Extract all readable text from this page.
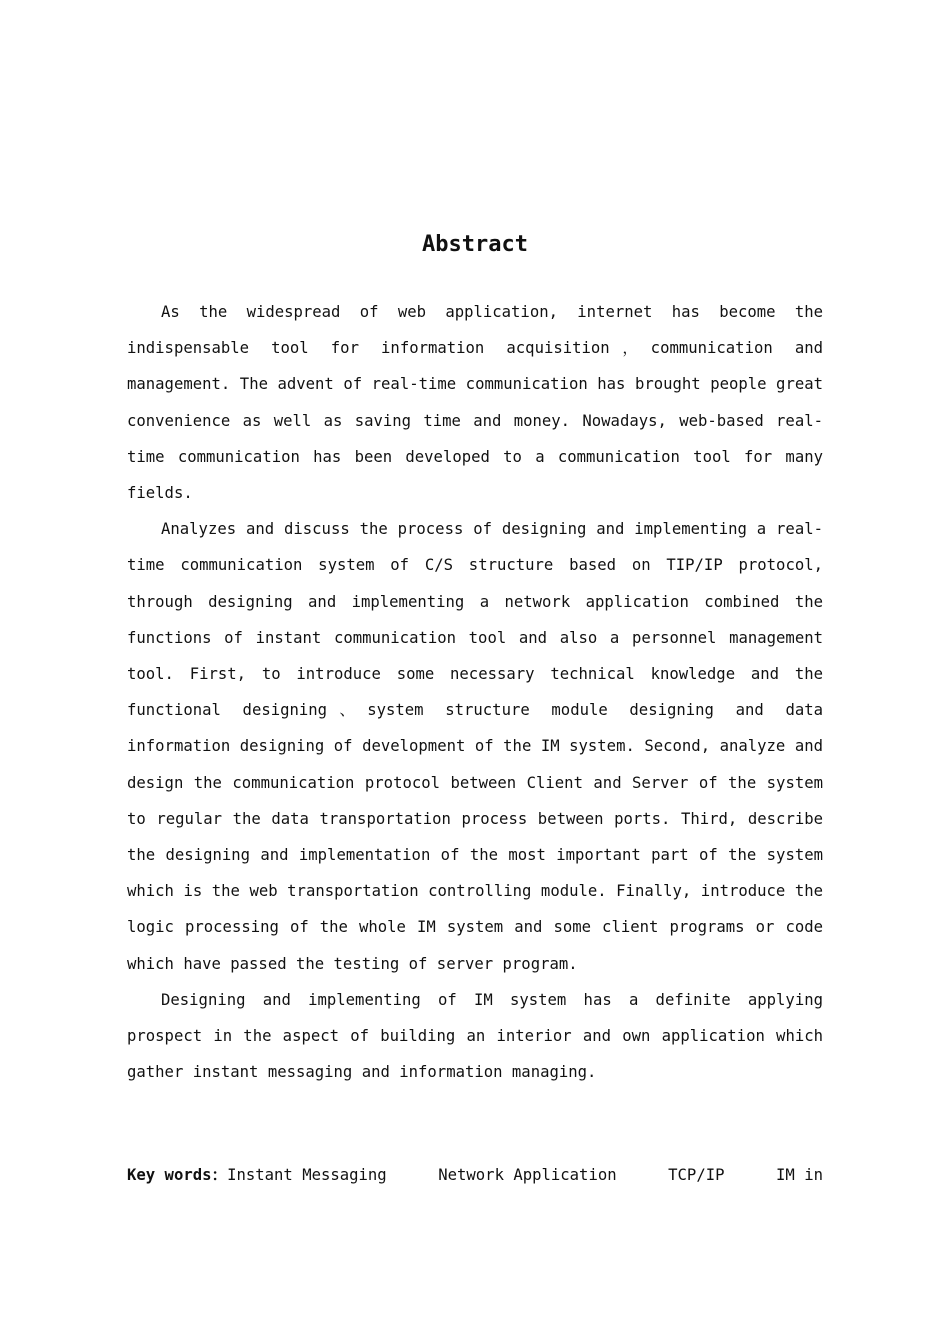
Abstract

As the widespread of web application, internet has become the indispensable tool for information acquisition，communication and management. The advent of real-time communication has brought people great convenience as well as saving time and money. Nowadays, web-based real-time communication has been developed to a communication tool for many fields.

Analyzes and discuss the process of designing and implementing a real-time communication system of C/S structure based on TIP/IP protocol, through designing and implementing a network application combined the functions of instant communication tool and also a personnel management tool. First, to introduce some necessary technical knowledge and the functional designing、system structure module designing and data information designing of development of the IM system. Second, analyze and design the communication protocol between Client and Server of the system to regular the data transportation process between ports. Third, describe the designing and implementation of the most important part of the system which is the web transportation controlling module. Finally, introduce the logic processing of the whole IM system and some client programs or code which have passed the testing of server program.

Designing and implementing of IM system has a definite applying prospect in the aspect of building an interior and own application which gather instant messaging and information managing.

Key words： Instant Messaging	Network Application	TCP/IP	IM in
